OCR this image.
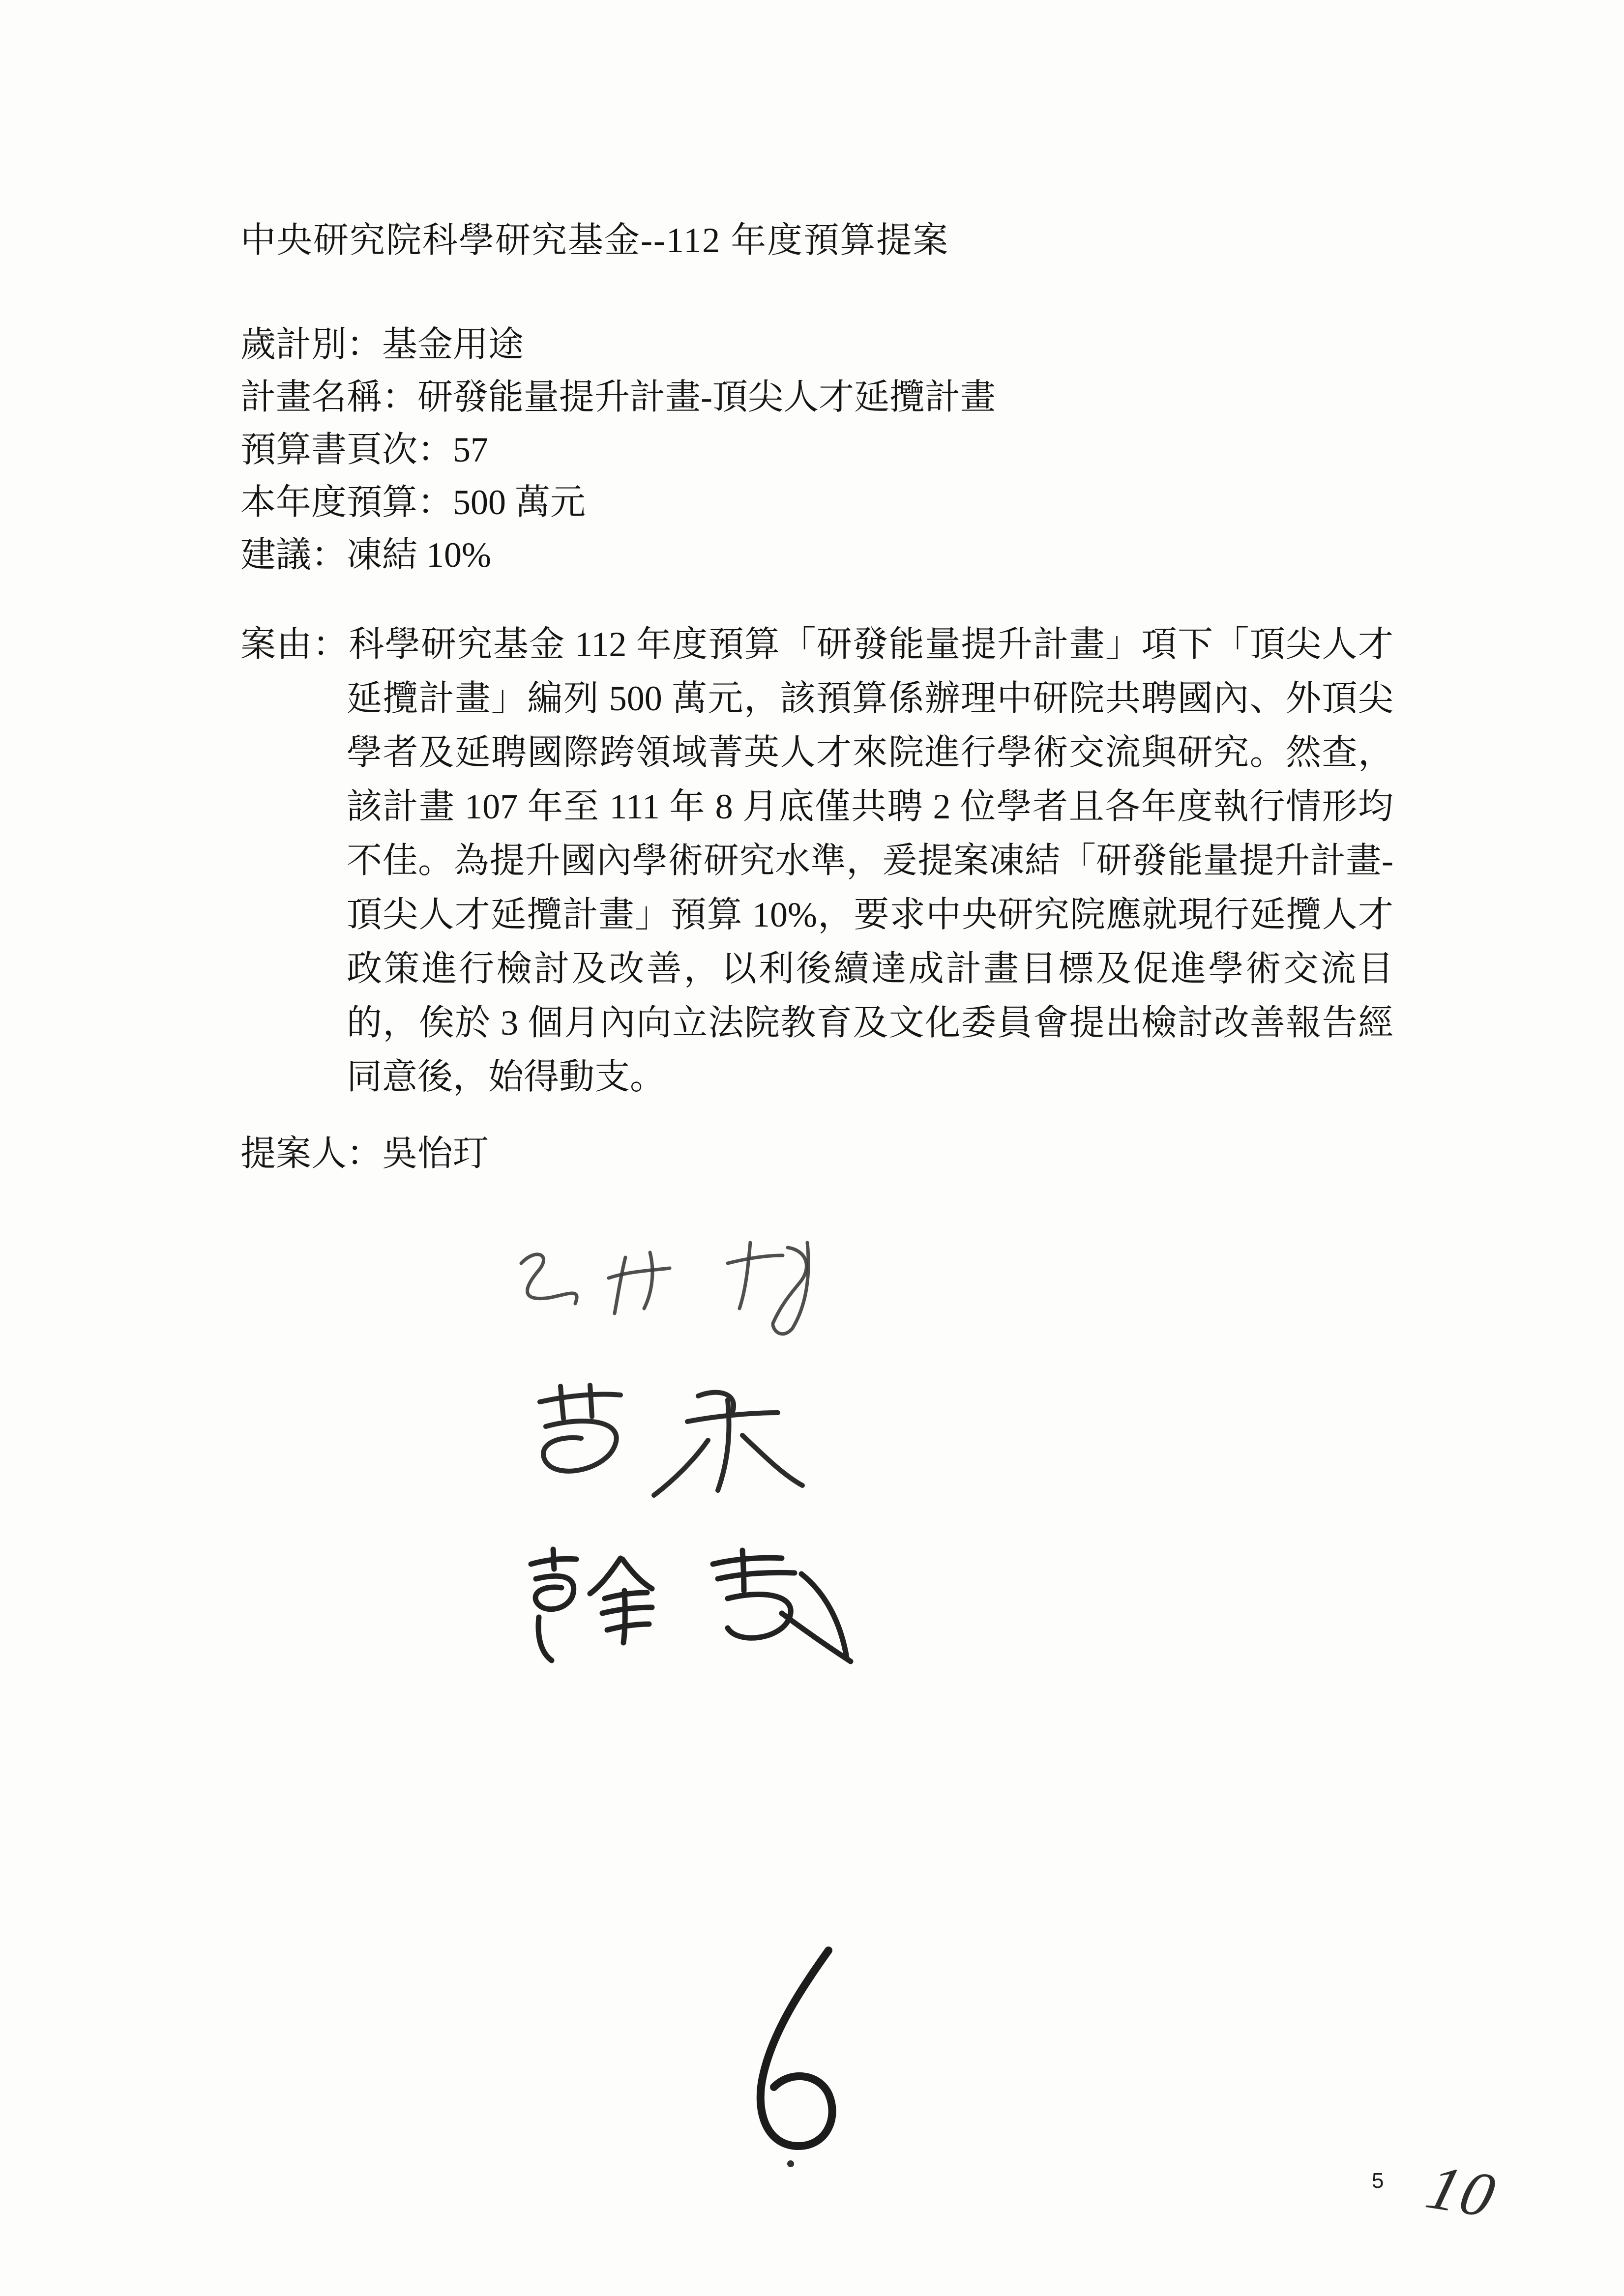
中央研究院科學研究基金--112 年度預算提案
歲計別：基金用途
計畫名稱：研發能量提升計畫-頂尖人才延攬計畫
預算書頁次：57
本年度預算：500 萬元
建議：凍結 10%
案由：科學研究基金 112 年度預算「研發能量提升計畫」項下「頂尖人才延攬計畫」編列 500 萬元，該預算係辦理中研院共聘國內、外頂尖學者及延聘國際跨領域菁英人才來院進行學術交流與研究。然查，該計畫 107 年至 111 年 8 月底僅共聘 2 位學者且各年度執行情形均不佳。為提升國內學術研究水準，爰提案凍結「研發能量提升計畫-頂尖人才延攬計畫」預算 10%，要求中央研究院應就現行延攬人才政策進行檢討及改善，以利後續達成計畫目標及促進學術交流目的，俟於 3 個月內向立法院教育及文化委員會提出檢討改善報告經同意後，始得動支。
提案人：吳怡玎
5 10
